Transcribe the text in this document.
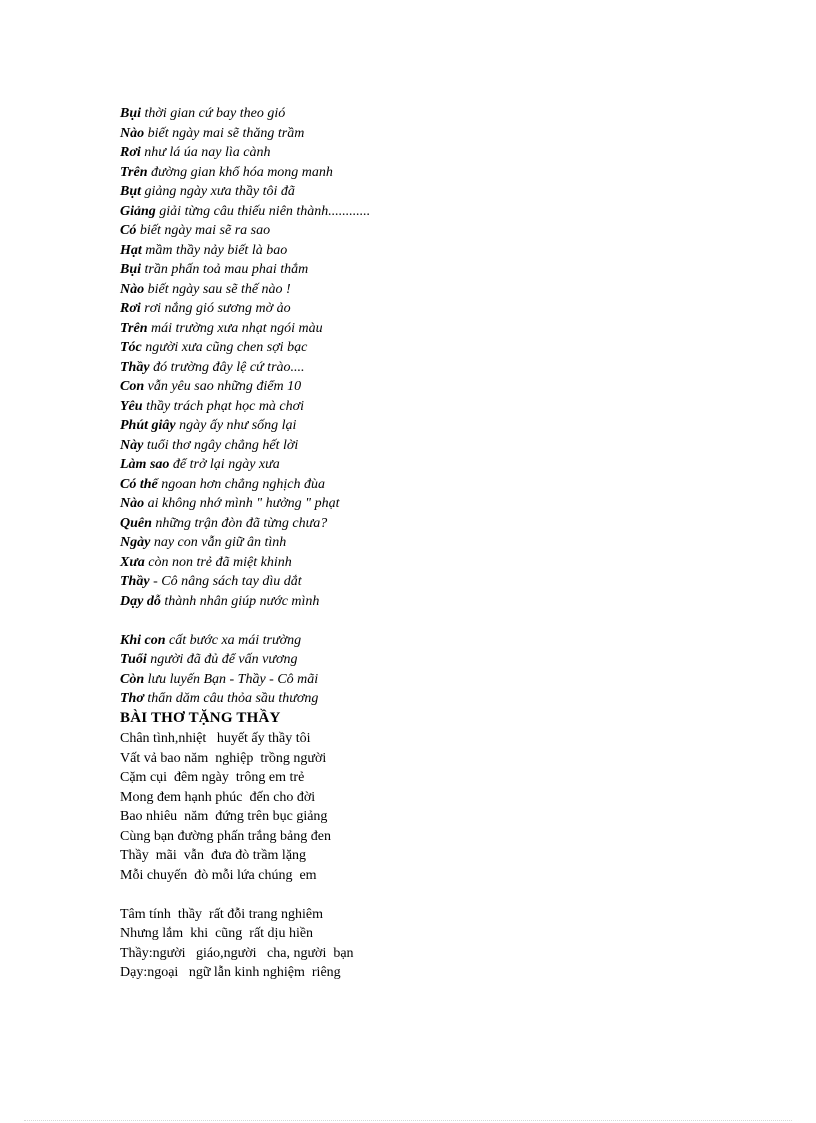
Bụi thời gian cứ bay theo gió
Nào biết ngày mai sẽ thăng trầm
Rơi như lá úa nay lìa cành
Trên đường gian khổ hóa mong manh
Bụt giảng ngày xưa thầy tôi đã
Giảng giải từng câu thiếu niên thành............
Có biết ngày mai sẽ ra sao
Hạt mầm thầy nảy biết là bao
Bụi trần phấn toả mau phai thắm
Nào biết ngày sau sẽ thế nào !
Rơi rơi nắng gió sương mờ ảo
Trên mái trường xưa nhạt ngói màu
Tóc người xưa cũng chen sợi bạc
Thầy đó trường đây lệ cứ trào....
Con vẫn yêu sao những điểm 10
Yêu thầy trách phạt học mà chơi
Phút giây ngày ấy như sống lại
Này tuổi thơ ngây chẳng hết lời
Làm sao để trở lại ngày xưa
Có thể ngoan hơn chẳng nghịch đùa
Nào ai không nhớ mình " hưởng " phạt
Quên những trận đòn đã từng chưa?
Ngày nay con vẫn giữ ân tình
Xưa còn non trẻ đã miệt khinh
Thầy - Cô nâng sách tay dìu dắt
Dạy dỗ thành nhân giúp nước mình
Khi con cất bước xa mái trường
Tuổi người đã đủ để vấn vương
Còn lưu luyến Bạn - Thầy - Cô mãi
Thơ thẩn dăm câu thỏa sầu thương
BÀI THƠ TẶNG THẦY
Chân tình,nhiệt   huyết ấy thầy tôi
Vất vả bao năm  nghiệp  trồng người
Cặm cụi  đêm ngày  trông em trẻ
Mong đem hạnh phúc  đến cho đời
Bao nhiêu  năm  đứng trên bục giảng
Cùng bạn đường phấn trắng bảng đen
Thầy  mãi  vẫn  đưa đò trầm lặng
Mỗi chuyến  đò mỗi lứa chúng  em
Tâm tính  thầy  rất đỗi trang nghiêm
Nhưng lắm  khi  cũng  rất dịu hiền
Thầy:người   giáo,người   cha, người  bạn
Dạy:ngoại   ngữ lẫn kinh nghiệm  riêng
